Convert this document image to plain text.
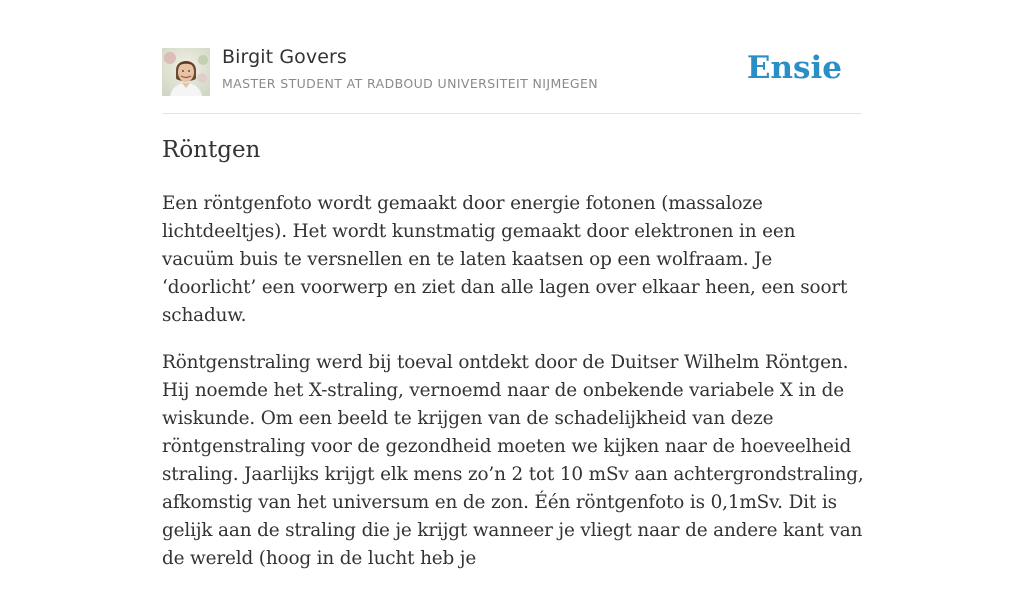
Birgit Govers
MASTER STUDENT AT RADBOUD UNIVERSITEIT NIJMEGEN	Ensie
Röntgen

Een röntgenfoto wordt gemaakt door energie fotonen (massaloze lichtdeeltjes). Het wordt kunstmatig gemaakt door elektronen in een vacuüm buis te versnellen en te laten kaatsen op een wolfraam. Je ‘doorlicht’ een voorwerp en ziet dan alle lagen over elkaar heen, een soort schaduw.

Röntgenstraling werd bij toeval ontdekt door de Duitser Wilhelm Röntgen. Hij noemde het X-straling, vernoemd naar de onbekende variabele X in de wiskunde. Om een beeld te krijgen van de schadelijkheid van deze röntgenstraling voor de gezondheid moeten we kijken naar de hoeveelheid straling. Jaarlijks krijgt elk mens zo’n 2 tot 10 mSv aan achtergrondstraling, afkomstig van het universum en de zon. Één röntgenfoto is 0,1mSv. Dit is gelijk aan de straling die je krijgt wanneer je vliegt naar de andere kant van de wereld (hoog in de lucht heb je
